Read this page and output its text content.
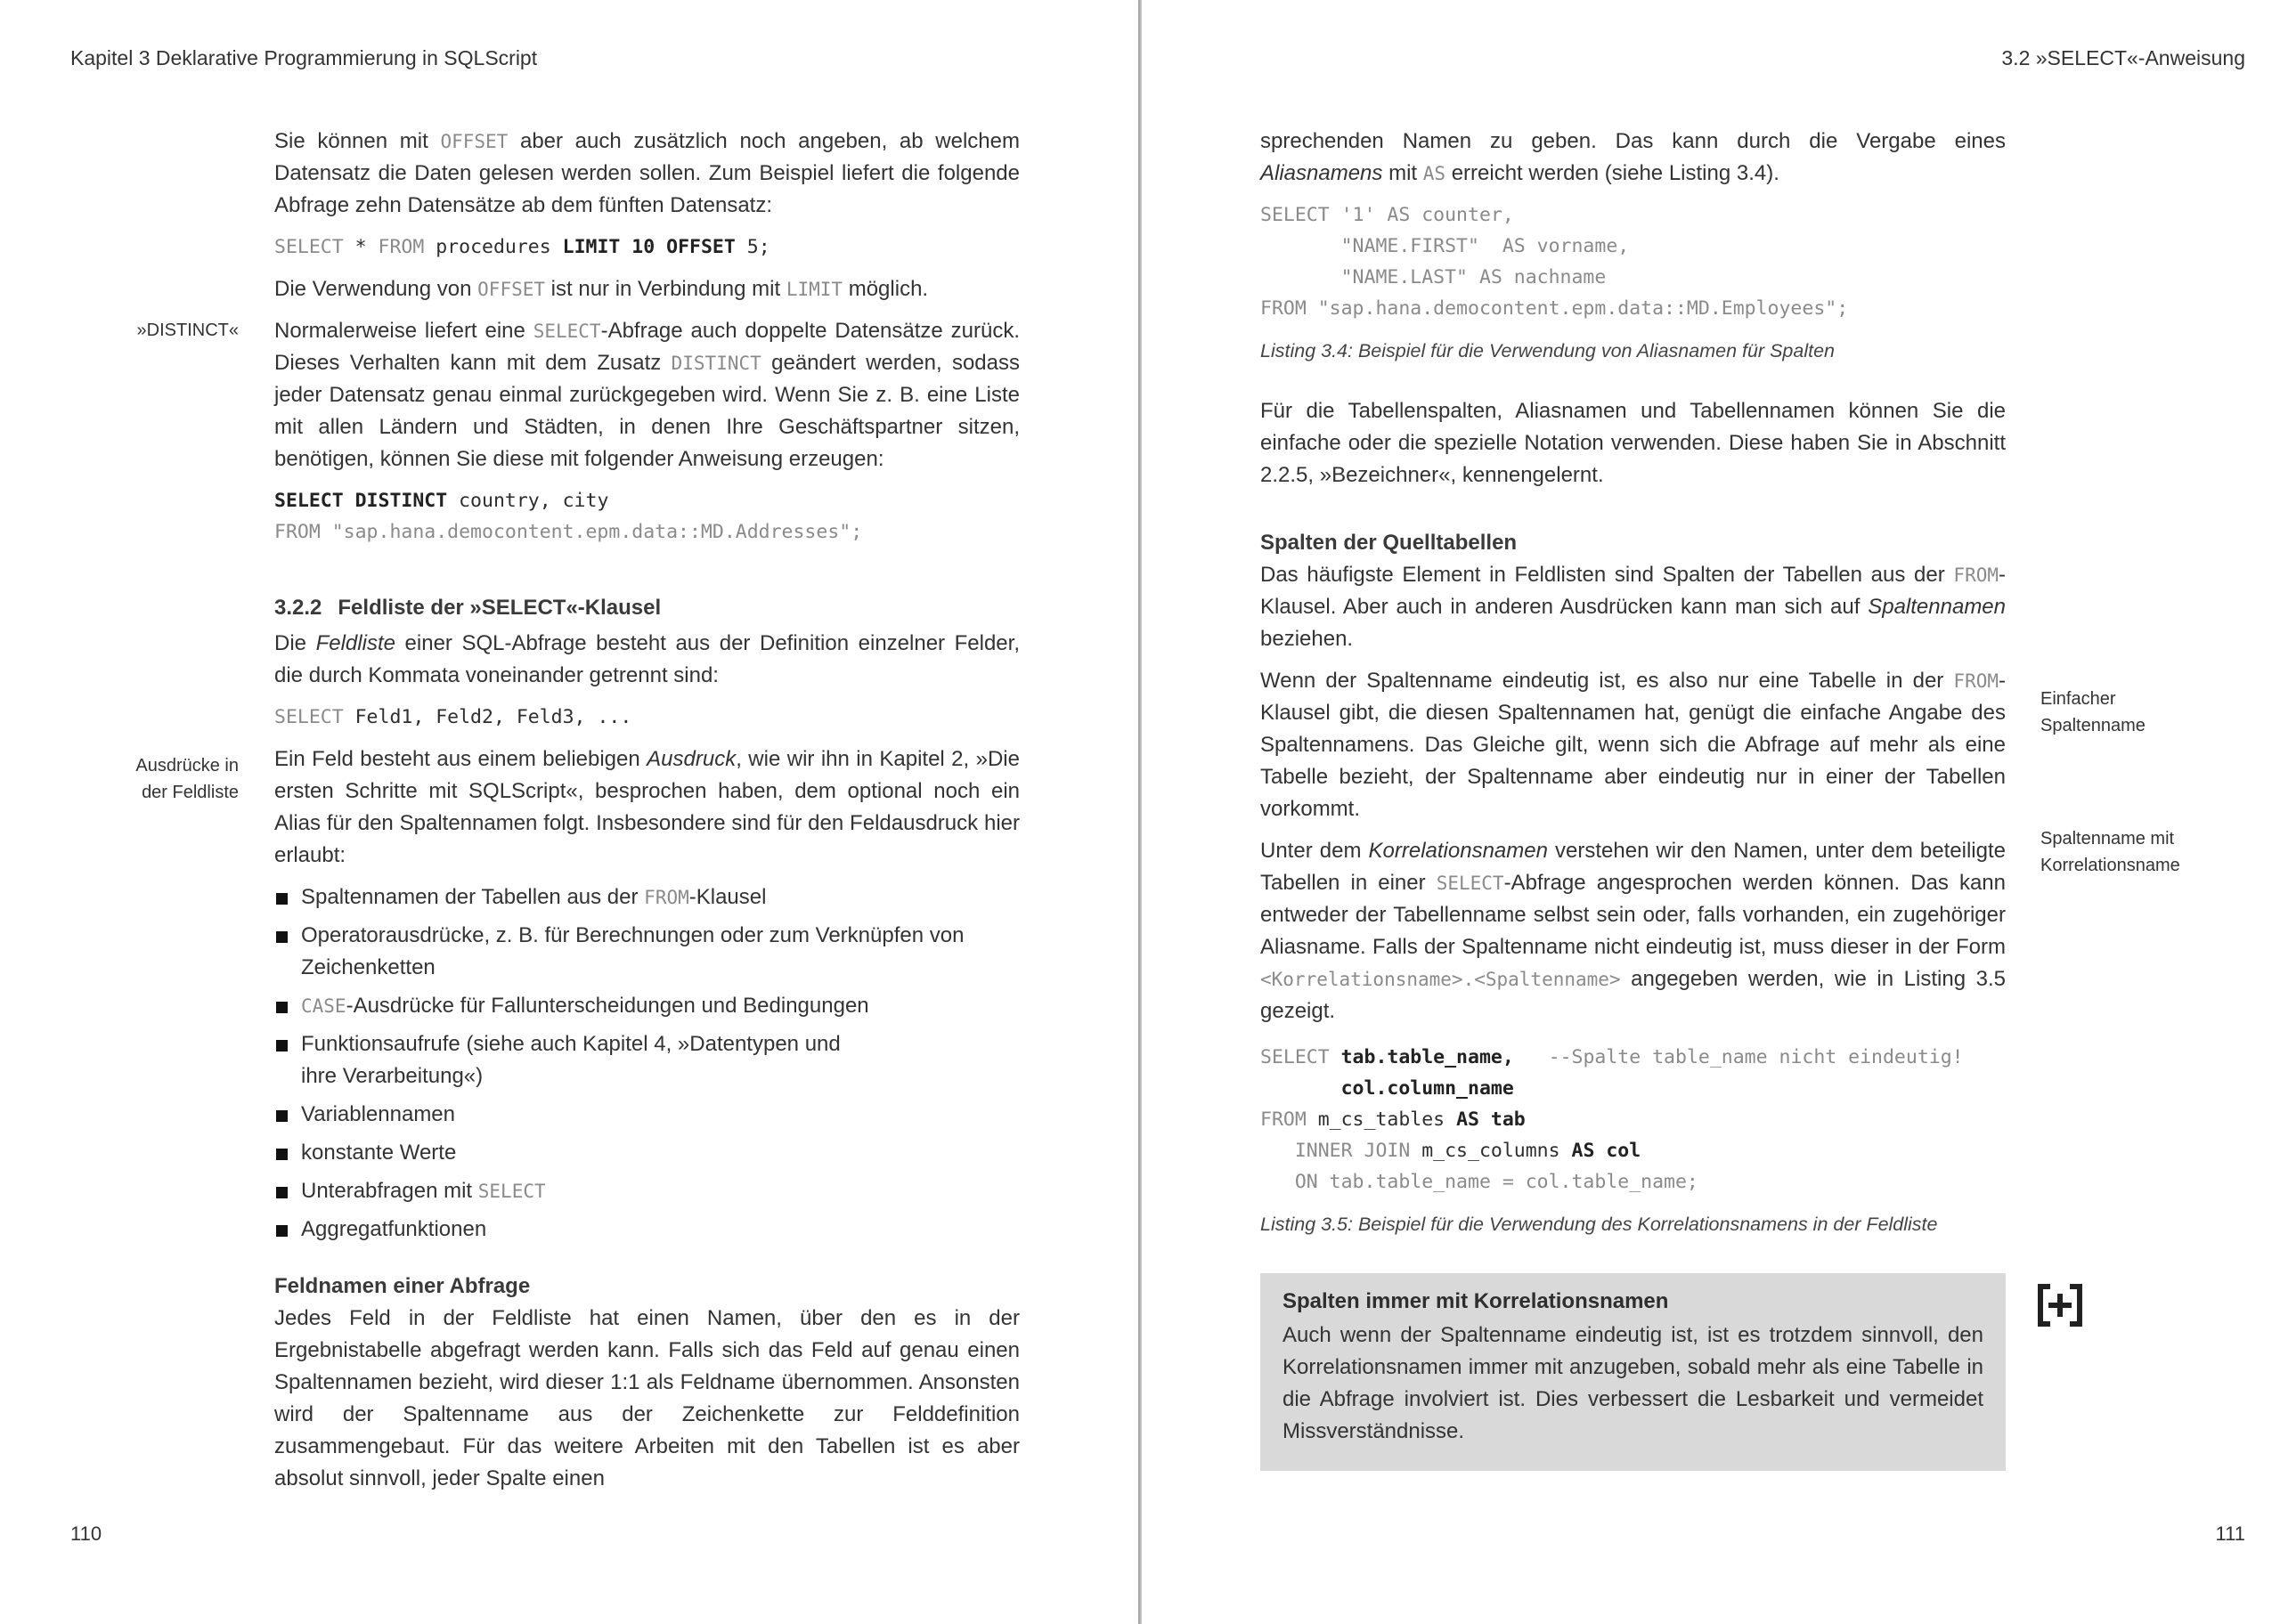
Kapitel 3 Deklarative Programmierung in SQLScript
»DISTINCT«
Ausdrücke in
der Feldliste

Sie können mit OFFSET aber auch zusätzlich noch angeben, ab welchem Datensatz die Daten gelesen werden sollen. Zum Beispiel liefert die folgende Abfrage zehn Datensätze ab dem fünften Datensatz:

SELECT * FROM procedures LIMIT 10 OFFSET 5;

Die Verwendung von OFFSET ist nur in Verbindung mit LIMIT möglich.

Normalerweise liefert eine SELECT-Abfrage auch doppelte Datensätze zurück. Dieses Verhalten kann mit dem Zusatz DISTINCT geändert werden, sodass jeder Datensatz genau einmal zurückgegeben wird. Wenn Sie z. B. eine Liste mit allen Ländern und Städten, in denen Ihre Geschäftspartner sitzen, benötigen, können Sie diese mit folgender Anweisung erzeugen:

SELECT DISTINCT country, city
FROM "sap.hana.democontent.epm.data::MD.Addresses";
3.2.2 Feldliste der »SELECT«-Klausel

Die Feldliste einer SQL-Abfrage besteht aus der Definition einzelner Felder, die durch Kommata voneinander getrennt sind:

SELECT Feld1, Feld2, Feld3, ...

Ein Feld besteht aus einem beliebigen Ausdruck, wie wir ihn in Kapitel 2, »Die ersten Schritte mit SQLScript«, besprochen haben, dem optional noch ein Alias für den Spaltennamen folgt. Insbesondere sind für den Feldausdruck hier erlaubt:

Spaltennamen der Tabellen aus der FROM-Klausel
Operatorausdrücke, z. B. für Berechnungen oder zum Verknüpfen von Zeichenketten
CASE-Ausdrücke für Fallunterscheidungen und Bedingungen
Funktionsaufrufe (siehe auch Kapitel 4, »Datentypen und ihre Verarbeitung«)
Variablennamen
konstante Werte
Unterabfragen mit SELECT
Aggregatfunktionen
Feldnamen einer Abfrage

Jedes Feld in der Feldliste hat einen Namen, über den es in der Ergebnistabelle abgefragt werden kann. Falls sich das Feld auf genau einen Spaltennamen bezieht, wird dieser 1:1 als Feldname übernommen. Ansonsten wird der Spaltenname aus der Zeichenkette zur Felddefinition zusammengebaut. Für das weitere Arbeiten mit den Tabellen ist es aber absolut sinnvoll, jeder Spalte einen

110
3.2 »SELECT«-Anweisung
Einfacher
Spaltenname
Spaltenname mit
Korrelationsname

sprechenden Namen zu geben. Das kann durch die Vergabe eines Aliasnamens mit AS erreicht werden (siehe Listing 3.4).

SELECT '1' AS counter,
"NAME.FIRST"  AS vorname,
"NAME.LAST" AS nachname
FROM "sap.hana.democontent.epm.data::MD.Employees";
Listing 3.4: Beispiel für die Verwendung von Aliasnamen für Spalten

Für die Tabellenspalten, Aliasnamen und Tabellennamen können Sie die einfache oder die spezielle Notation verwenden. Diese haben Sie in Abschnitt 2.2.5, »Bezeichner«, kennengelernt.

Spalten der Quelltabellen

Das häufigste Element in Feldlisten sind Spalten der Tabellen aus der FROM-Klausel. Aber auch in anderen Ausdrücken kann man sich auf Spaltennamen beziehen.

Wenn der Spaltenname eindeutig ist, es also nur eine Tabelle in der FROM-Klausel gibt, die diesen Spaltennamen hat, genügt die einfache Angabe des Spaltennamens. Das Gleiche gilt, wenn sich die Abfrage auf mehr als eine Tabelle bezieht, der Spaltenname aber eindeutig nur in einer der Tabellen vorkommt.

Unter dem Korrelationsnamen verstehen wir den Namen, unter dem beteiligte Tabellen in einer SELECT-Abfrage angesprochen werden können. Das kann entweder der Tabellenname selbst sein oder, falls vorhanden, ein zugehöriger Aliasname. Falls der Spaltenname nicht eindeutig ist, muss dieser in der Form <Korrelationsname>.<Spaltenname> angegeben werden, wie in Listing 3.5 gezeigt.

SELECT tab.table_name,   --Spalte table_name nicht eindeutig!
col.column_name
FROM m_cs_tables AS tab
INNER JOIN m_cs_columns AS col
ON tab.table_name = col.table_name;
Listing 3.5: Beispiel für die Verwendung des Korrelationsnamens in der Feldliste
111
Spalten immer mit Korrelationsnamen
Auch wenn der Spaltenname eindeutig ist, ist es trotzdem sinnvoll, den Korrelationsnamen immer mit anzugeben, sobald mehr als eine Tabelle in die Abfrage involviert ist. Dies verbessert die Lesbarkeit und vermeidet Missverständnisse.
